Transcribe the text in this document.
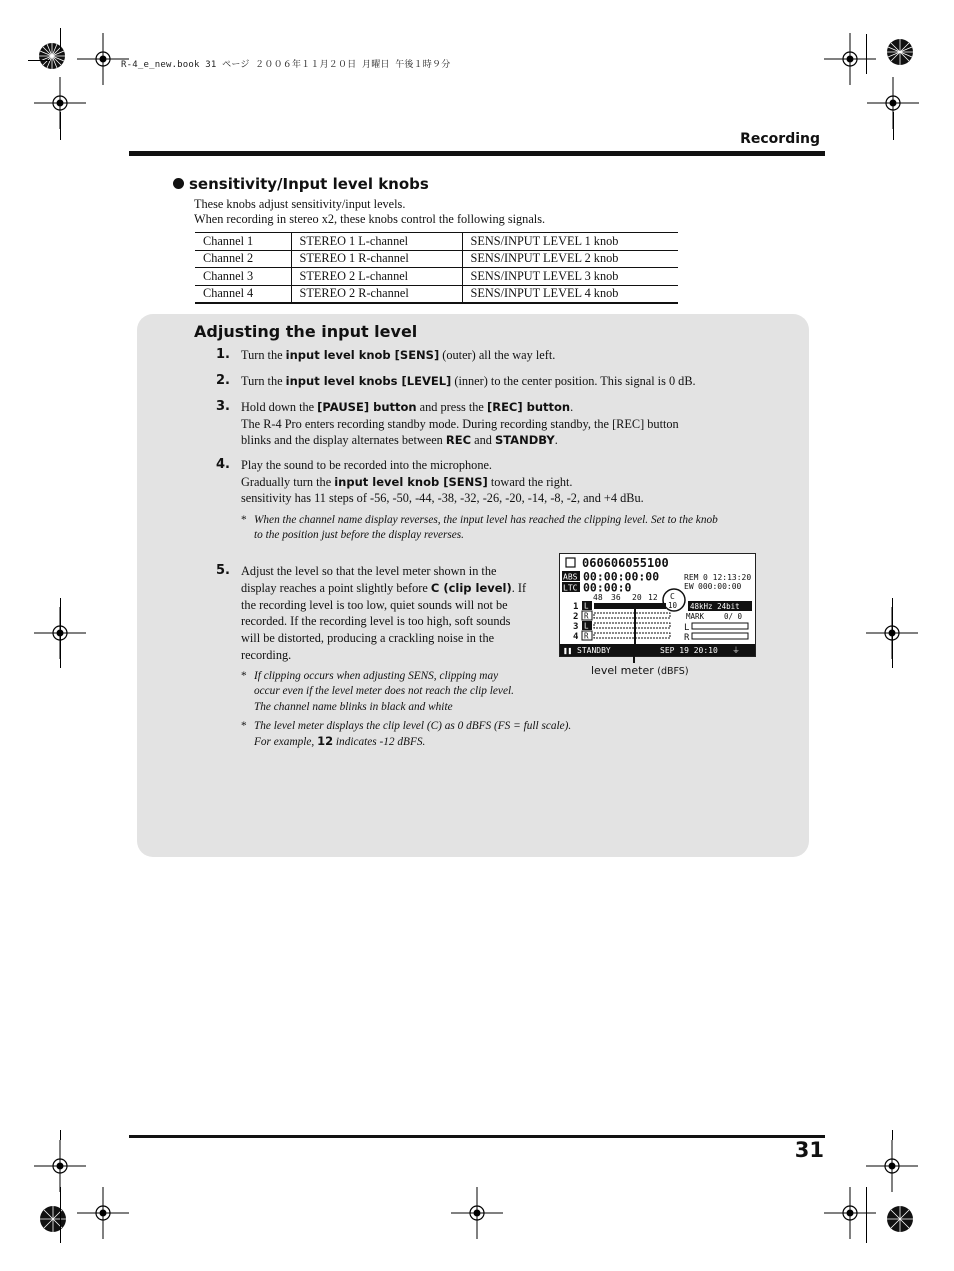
R-4_e_new.book 31 ページ ２００６年１１月２０日 月曜日 午後１時９分
Recording
sensitivity/Input level knobs
These knobs adjust sensitivity/input levels.
When recording in stereo x2, these knobs control the following signals.
Channel 1	STEREO 1 L-channel	SENS/INPUT LEVEL 1 knob
Channel 2	STEREO 1 R-channel	SENS/INPUT LEVEL 2 knob
Channel 3	STEREO 2 L-channel	SENS/INPUT LEVEL 3 knob
Channel 4	STEREO 2 R-channel	SENS/INPUT LEVEL 4 knob
Adjusting the input level
1. Turn the input level knob [SENS] (outer) all the way left.
2. Turn the input level knobs [LEVEL] (inner) to the center position. This signal is 0 dB.
3. Hold down the [PAUSE] button and press the [REC] button.
The R-4 Pro enters recording standby mode. During recording standby, the [REC] button
blinks and the display alternates between REC and STANDBY.
4. Play the sound to be recorded into the microphone.
Gradually turn the input level knob [SENS] toward the right.
sensitivity has 11 steps of -56, -50, -44, -38, -32, -26, -20, -14, -8, -2, and +4 dBu.
* When the channel name display reverses, the input level has reached the clipping level. Set to the knob
to the position just before the display reverses.
5. Adjust the level so that the level meter shown in the
display reaches a point slightly before C (clip level). If
the recording level is too low, quiet sounds will not be
recorded. If the recording level is too high, soft sounds
will be distorted, producing a crackling noise in the
recording.
* If clipping occurs when adjusting SENS, clipping may
occur even if the level meter does not reach the clip level.
The channel name blinks in black and white
* The level meter displays the clip level (C) as 0 dBFS (FS = full scale).
For example, 12 indicates -12 dBFS.
060606055100
ABS
LTC
00:00:00:00
00:00:0
REM 0 12:13:20
EW 000:00:00
48 36 20 12 C
10 48kHz 24bit
MARK	0/ 0
1 L
2 R
3 L
4 R
L
R
❚❚ STANDBY	SEP 19 20:10 ⏚
level meter (dBFS)
31
